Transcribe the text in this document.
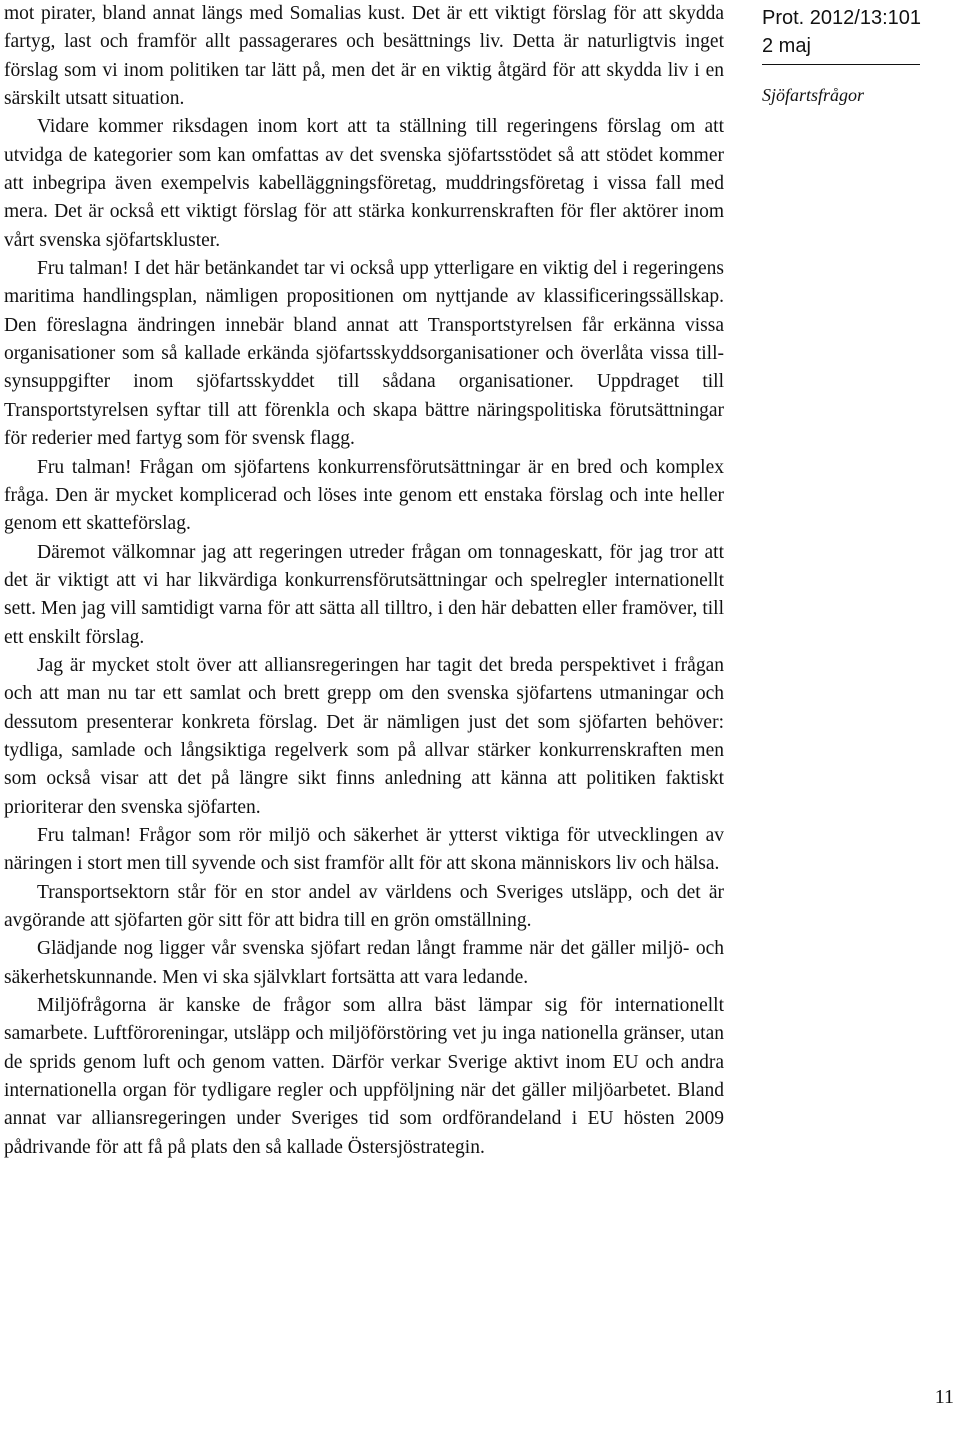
mot pirater, bland annat längs med Somalias kust. Det är ett viktigt förslag för att skydda fartyg, last och framför allt passagerares och besättnings liv. Detta är naturligtvis inget förslag som vi inom politiken tar lätt på, men det är en viktig åtgärd för att skydda liv i en särskilt utsatt situation.

Vidare kommer riksdagen inom kort att ta ställning till regeringens förslag om att utvidga de kategorier som kan omfattas av det svenska sjöfartsstödet så att stödet kommer att inbegripa även exempelvis kabelläggningsföretag, muddringsföretag i vissa fall med mera. Det är också ett viktigt förslag för att stärka konkurrenskraften för fler aktörer inom vårt svenska sjöfartskluster.

Fru talman! I det här betänkandet tar vi också upp ytterligare en viktig del i regeringens maritima handlingsplan, nämligen propositionen om nyttjande av klassificeringssällskap. Den föreslagna ändringen innebär bland annat att Transportstyrelsen får erkänna vissa organisationer som så kallade erkända sjöfartsskyddsorganisationer och överlåta vissa tillsynsuppgifter inom sjöfartsskyddet till sådana organisationer. Uppdraget till Transportstyrelsen syftar till att förenkla och skapa bättre näringspolitiska förutsättningar för rederier med fartyg som för svensk flagg.

Fru talman! Frågan om sjöfartens konkurrensförutsättningar är en bred och komplex fråga. Den är mycket komplicerad och löses inte genom ett enstaka förslag och inte heller genom ett skatteförslag.

Däremot välkomnar jag att regeringen utreder frågan om tonnageskatt, för jag tror att det är viktigt att vi har likvärdiga konkurrensförutsättningar och spelregler internationellt sett. Men jag vill samtidigt varna för att sätta all tilltro, i den här debatten eller framöver, till ett enskilt förslag.

Jag är mycket stolt över att alliansregeringen har tagit det breda perspektivet i frågan och att man nu tar ett samlat och brett grepp om den svenska sjöfartens utmaningar och dessutom presenterar konkreta förslag. Det är nämligen just det som sjöfarten behöver: tydliga, samlade och långsiktiga regelverk som på allvar stärker konkurrenskraften men som också visar att det på längre sikt finns anledning att känna att politiken faktiskt prioriterar den svenska sjöfarten.

Fru talman! Frågor som rör miljö och säkerhet är ytterst viktiga för utvecklingen av näringen i stort men till syvende och sist framför allt för att skona människors liv och hälsa.

Transportsektorn står för en stor andel av världens och Sveriges utsläpp, och det är avgörande att sjöfarten gör sitt för att bidra till en grön omställning.

Glädjande nog ligger vår svenska sjöfart redan långt framme när det gäller miljö- och säkerhetskunnande. Men vi ska självklart fortsätta att vara ledande.

Miljöfrågorna är kanske de frågor som allra bäst lämpar sig för internationellt samarbete. Luftföroreningar, utsläpp och miljöförstöring vet ju inga nationella gränser, utan de sprids genom luft och genom vatten. Därför verkar Sverige aktivt inom EU och andra internationella organ för tydligare regler och uppföljning när det gäller miljöarbetet. Bland annat var alliansregeringen under Sveriges tid som ordförandeland i EU hösten 2009 pådrivande för att få på plats den så kallade Östersjöstrategin.

Prot. 2012/13:101
2 maj
Sjöfartsfrågor
11
